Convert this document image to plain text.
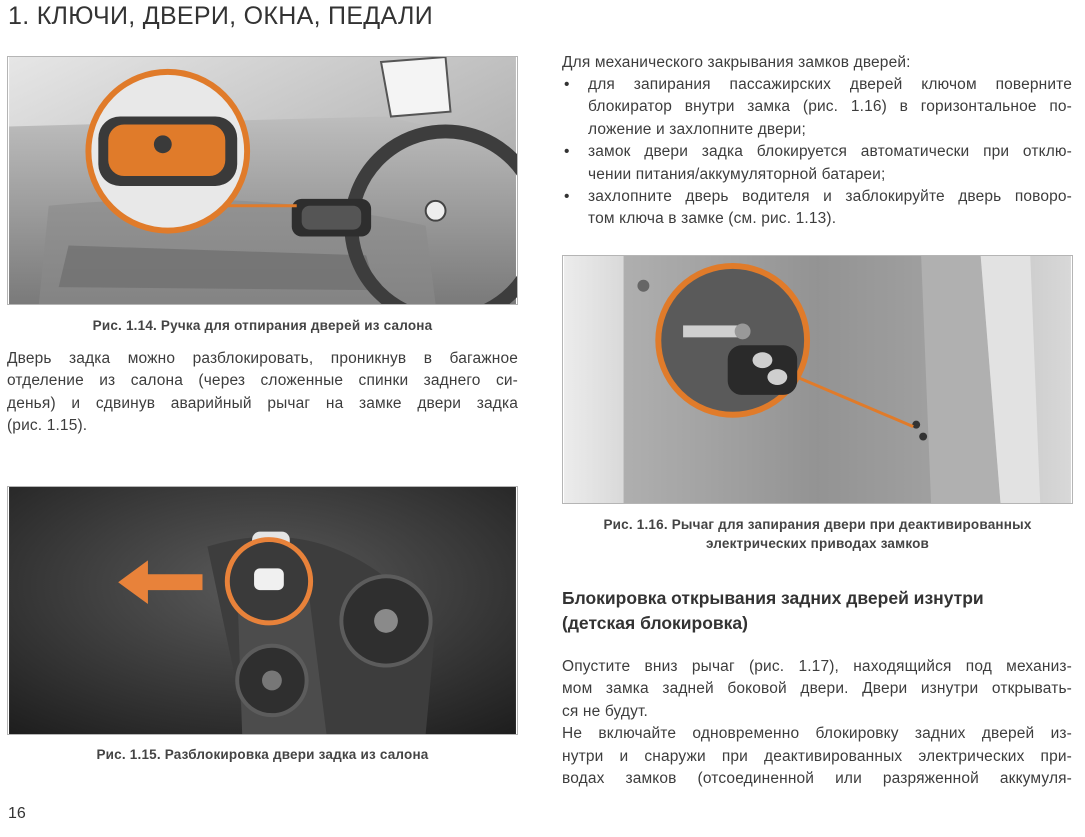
1. КЛЮЧИ, ДВЕРИ, ОКНА, ПЕДАЛИ
Рис. 1.14. Ручка для отпирания дверей из салона
Дверь задка можно разблокировать, проникнув в багажное
отделение из салона (через сложенные спинки заднего си-
денья) и сдвинув аварийный рычаг на замке двери задка
(рис. 1.15).
Рис. 1.15. Разблокировка двери задка из салона
Для механического закрывания замков дверей:
• для запирания пассажирских дверей ключом поверните
блокиратор внутри замка (рис. 1.16) в горизонтальное по-
ложение и захлопните двери;
• замок двери задка блокируется автоматически при отклю-
чении питания/аккумуляторной батареи;
• захлопните дверь водителя и заблокируйте дверь поворо-
том ключа в замке (см. рис. 1.13).
Рис. 1.16. Рычаг для запирания двери при деактивированных
электрических приводах замков
Блокировка открывания задних дверей изнутри
(детская блокировка)
Опустите вниз рычаг (рис. 1.17), находящийся под механиз-
мом замка задней боковой двери. Двери изнутри открывать-
ся не будут.
Не включайте одновременно блокировку задних дверей из-
нутри и снаружи при деактивированных электрических при-
водах замков (отсоединенной или разряженной аккумуля-
16
